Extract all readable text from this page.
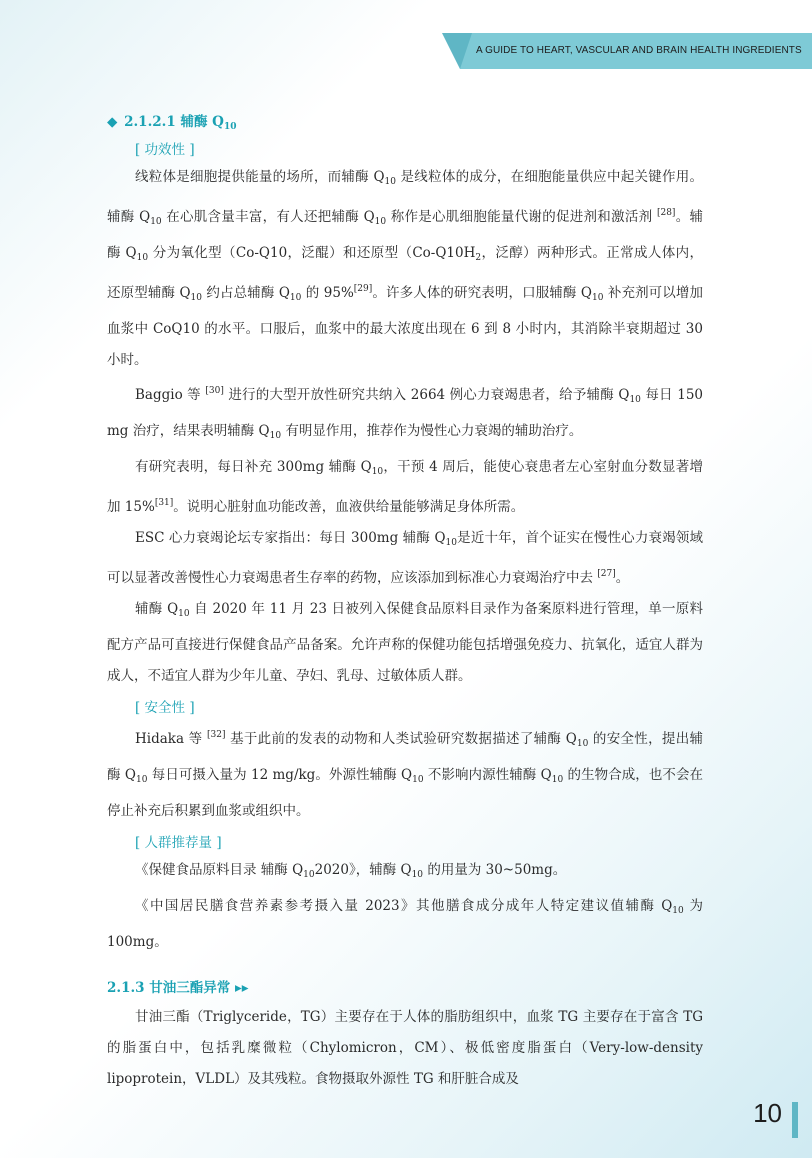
A GUIDE TO HEART, VASCULAR AND BRAIN HEALTH INGREDIENTS
◆ 2.1.2.1 辅酶 $Q_{10}$
[ 功效性 ]

线粒体是细胞提供能量的场所，而辅酶 $Q_{10}$ 是线粒体的成分，在细胞能量供应中起关键作用。辅酶 $Q_{10}$ 在心肌含量丰富，有人还把辅酶 $Q_{10}$ 称作是心肌细胞能量代谢的促进剂和激活剂 [28]。辅酶 $Q_{10}$ 分为氧化型（Co-Q10，泛醌）和还原型（$Co-Q10H_2$，泛醇）两种形式。正常成人体内，还原型辅酶 $Q_{10}$ 约占总辅酶 $Q_{10}$ 的 95%[29]。许多人体的研究表明，口服辅酶 $Q_{10}$ 补充剂可以增加血浆中 CoQ10 的水平。口服后，血浆中的最大浓度出现在 6 到 8 小时内，其消除半衰期超过 30 小时。

Baggio 等 [30] 进行的大型开放性研究共纳入 2664 例心力衰竭患者，给予辅酶 $Q_{10}$ 每日 150 mg 治疗，结果表明辅酶 $Q_{10}$ 有明显作用，推荐作为慢性心力衰竭的辅助治疗。

有研究表明，每日补充 300mg 辅酶 $Q_{10}$，干预 4 周后，能使心衰患者左心室射血分数显著增加 15%[31]。说明心脏射血功能改善，血液供给量能够满足身体所需。

ESC 心力衰竭论坛专家指出：每日 300mg 辅酶 $Q_{10}$是近十年，首个证实在慢性心力衰竭领域可以显著改善慢性心力衰竭患者生存率的药物，应该添加到标准心力衰竭治疗中去 [27]。

辅酶 $Q_{10}$ 自 2020 年 11 月 23 日被列入保健食品原料目录作为备案原料进行管理，单一原料配方产品可直接进行保健食品产品备案。允许声称的保健功能包括增强免疫力、抗氧化，适宜人群为成人，不适宜人群为少年儿童、孕妇、乳母、过敏体质人群。

[ 安全性 ]

Hidaka 等 [32] 基于此前的发表的动物和人类试验研究数据描述了辅酶 $Q_{10}$ 的安全性，提出辅酶 $Q_{10}$ 每日可摄入量为 12 mg/kg。外源性辅酶 $Q_{10}$ 不影响内源性辅酶 $Q_{10}$ 的生物合成，也不会在停止补充后积累到血浆或组织中。

[ 人群推荐量 ]

《保健食品原料目录 辅酶 $Q_{10}2020$》，辅酶 $Q_{10}$ 的用量为 30~50mg。

《中国居民膳食营养素参考摄入量 2023》其他膳食成分成年人特定建议值辅酶 $Q_{10}$ 为 100mg。

2.1.3 甘油三酯异常 ▸▸

甘油三酯（Triglyceride，TG）主要存在于人体的脂肪组织中，血浆 TG 主要存在于富含 TG 的脂蛋白中，包括乳糜微粒（Chylomicron，CM）、极低密度脂蛋白（Very-low-density lipoprotein，VLDL）及其残粒。食物摄取外源性 TG 和肝脏合成及

10
